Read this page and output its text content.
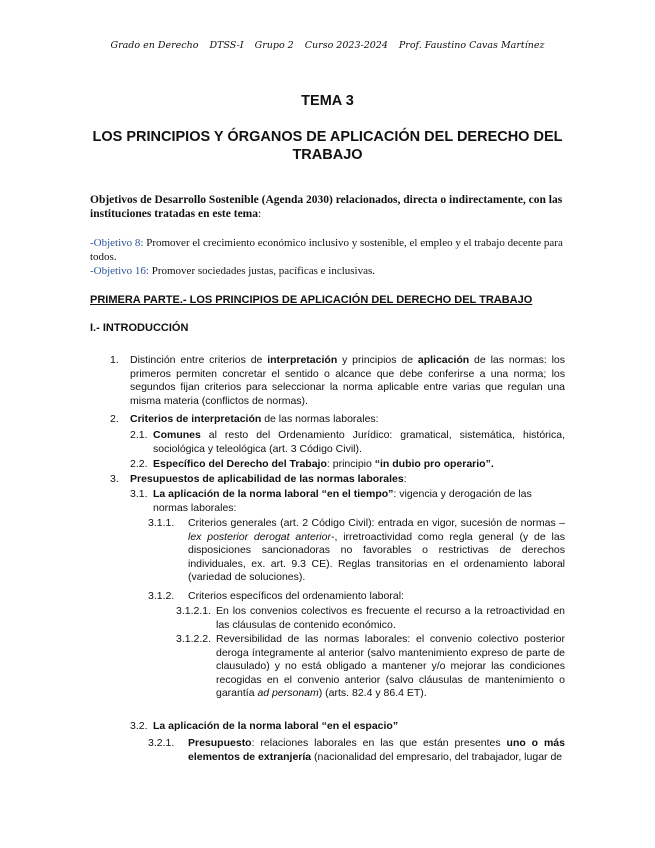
Grado en Derecho DTSS-I Grupo 2 Curso 2023-2024 Prof. Faustino Cavas Martínez
TEMA 3
LOS PRINCIPIOS Y ÓRGANOS DE APLICACIÓN DEL DERECHO DEL TRABAJO
Objetivos de Desarrollo Sostenible (Agenda 2030) relacionados, directa o indirectamente, con las instituciones tratadas en este tema:
-Objetivo 8: Promover el crecimiento económico inclusivo y sostenible, el empleo y el trabajo decente para todos.
-Objetivo 16: Promover sociedades justas, pacíficas e inclusivas.
PRIMERA PARTE.- LOS PRINCIPIOS DE APLICACIÓN DEL DERECHO DEL TRABAJO
I.- INTRODUCCIÓN
1. Distinción entre criterios de interpretación y principios de aplicación de las normas: los primeros permiten concretar el sentido o alcance que debe conferirse a una norma; los segundos fijan criterios para seleccionar la norma aplicable entre varias que regulan una misma materia (conflictos de normas).
2. Criterios de interpretación de las normas laborales:
2.1. Comunes al resto del Ordenamiento Jurídico: gramatical, sistemática, histórica, sociológica y teleológica (art. 3 Código Civil).
2.2. Específico del Derecho del Trabajo: principio “in dubio pro operario”.
3. Presupuestos de aplicabilidad de las normas laborales:
3.1. La aplicación de la norma laboral “en el tiempo”: vigencia y derogación de las normas laborales:
3.1.1. Criterios generales (art. 2 Código Civil): entrada en vigor, sucesión de normas – lex posterior derogat anterior-, irretroactividad como regla general (y de las disposiciones sancionadoras no favorables o restrictivas de derechos individuales, ex. art. 9.3 CE). Reglas transitorias en el ordenamiento laboral (variedad de soluciones).
3.1.2. Criterios específicos del ordenamiento laboral:
3.1.2.1. En los convenios colectivos es frecuente el recurso a la retroactividad en las cláusulas de contenido económico.
3.1.2.2. Reversibilidad de las normas laborales: el convenio colectivo posterior deroga íntegramente al anterior (salvo mantenimiento expreso de parte de clausulado) y no está obligado a mantener y/o mejorar las condiciones recogidas en el convenio anterior (salvo cláusulas de mantenimiento o garantía ad personam) (arts. 82.4 y 86.4 ET).
3.2. La aplicación de la norma laboral “en el espacio”
3.2.1. Presupuesto: relaciones laborales en las que están presentes uno o más elementos de extranjería (nacionalidad del empresario, del trabajador, lugar de
